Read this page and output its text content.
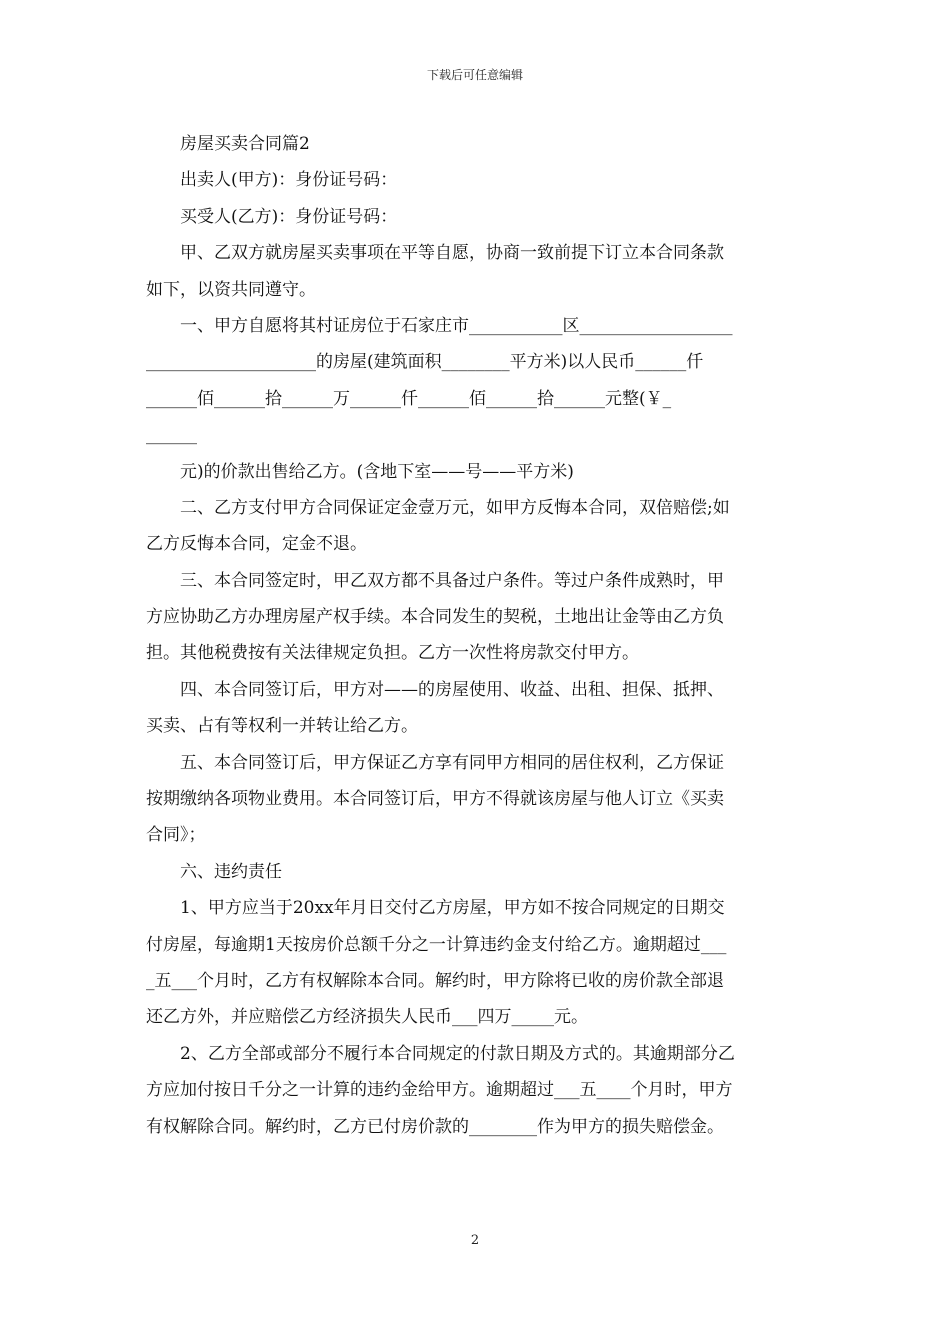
下载后可任意编辑
房屋买卖合同篇2
出卖人(甲方)：身份证号码：
买受人(乙方)：身份证号码：
甲、乙双方就房屋买卖事项在平等自愿，协商一致前提下订立本合同条款
如下，以资共同遵守。
一、甲方自愿将其村证房位于石家庄市___________区__________________
____________________的房屋(建筑面积________平方米)以人民币______仟
______佰______拾______万______仟______佰______拾______元整(￥_
______
元)的价款出售给乙方。(含地下室——号——平方米)
二、乙方支付甲方合同保证定金壹万元，如甲方反悔本合同，双倍赔偿;如
乙方反悔本合同，定金不退。
三、本合同签定时，甲乙双方都不具备过户条件。等过户条件成熟时，甲
方应协助乙方办理房屋产权手续。本合同发生的契税，土地出让金等由乙方负
担。其他税费按有关法律规定负担。乙方一次性将房款交付甲方。
四、本合同签订后，甲方对——的房屋使用、收益、出租、担保、抵押、
买卖、占有等权利一并转让给乙方。
五、本合同签订后，甲方保证乙方享有同甲方相同的居住权利，乙方保证
按期缴纳各项物业费用。本合同签订后，甲方不得就该房屋与他人订立《买卖
合同》；
六、违约责任
1、甲方应当于20xx年月日交付乙方房屋，甲方如不按合同规定的日期交
付房屋，每逾期1天按房价总额千分之一计算违约金支付给乙方。逾期超过___
_五___个月时，乙方有权解除本合同。解约时，甲方除将已收的房价款全部退
还乙方外，并应赔偿乙方经济损失人民币___四万_____元。
2、乙方全部或部分不履行本合同规定的付款日期及方式的。其逾期部分乙
方应加付按日千分之一计算的违约金给甲方。逾期超过___五____个月时，甲方
有权解除合同。解约时，乙方已付房价款的________作为甲方的损失赔偿金。
2
